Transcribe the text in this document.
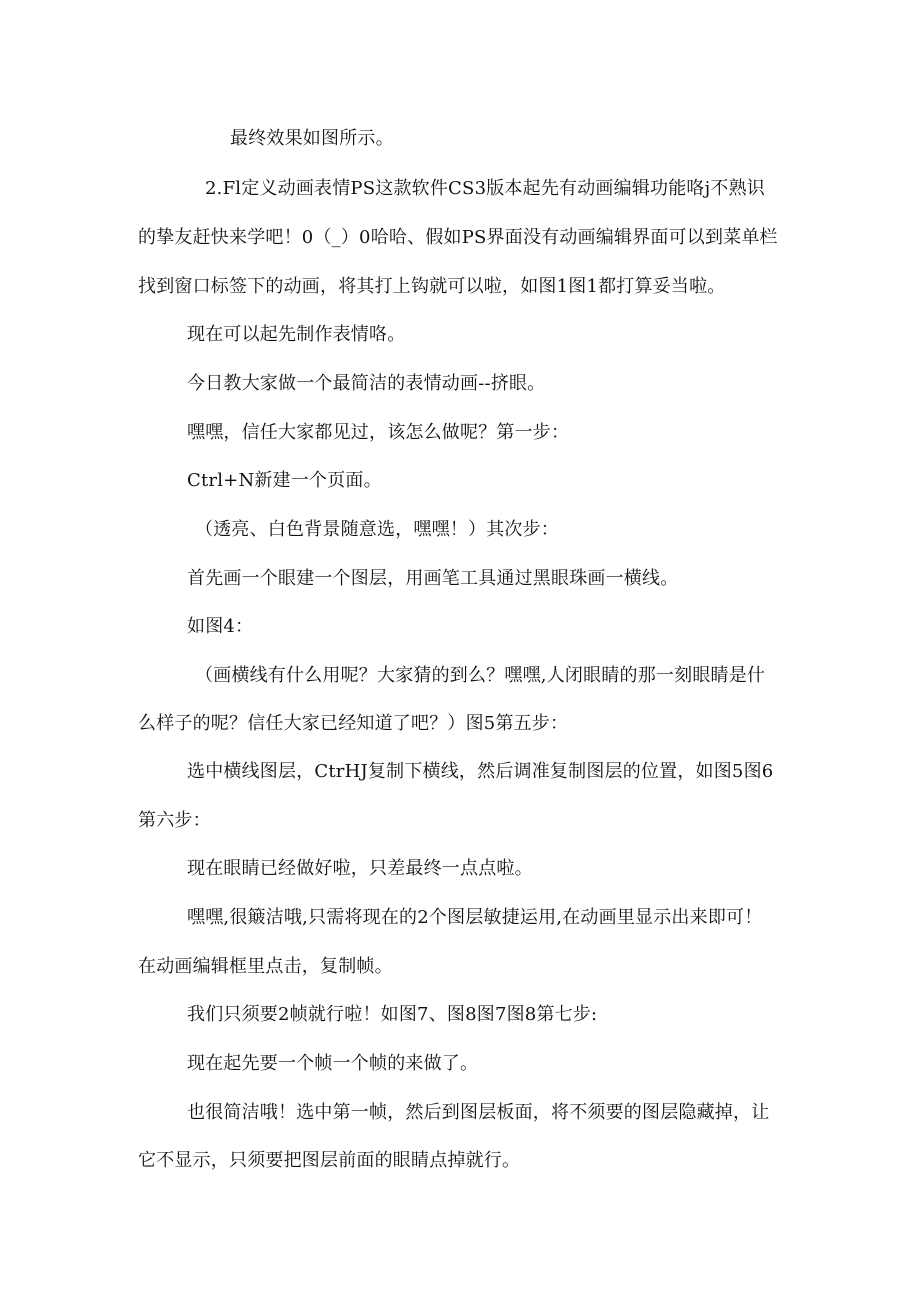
最终效果如图所示。

2.Fl定义动画表情PS这款软件CS3版本起先有动画编辑功能咯j不熟识

的挚友赶快来学吧！0（_）0哈哈、假如PS界面没有动画编辑界面可以到菜单栏

找到窗口标签下的动画，将其打上钩就可以啦，如图1图1都打算妥当啦。

现在可以起先制作表情咯。

今日教大家做一个最简洁的表情动画--挤眼。

嘿嘿，信任大家都见过，该怎么做呢？第一步：

Ctrl+N新建一个页面。

（透亮、白色背景随意选，嘿嘿！）其次步：

首先画一个眼建一个图层，用画笔工具通过黑眼珠画一横线。

如图4：

（画横线有什么用呢？大家猜的到么？嘿嘿,人闭眼睛的那一刻眼睛是什

么样子的呢？信任大家已经知道了吧？）图5第五步：

选中横线图层，CtrHJ复制下横线，然后调准复制图层的位置，如图5图6

第六步：

现在眼睛已经做好啦，只差最终一点点啦。

嘿嘿,很簸洁哦,只需将现在的2个图层敏捷运用,在动画里显示出来即可！

在动画编辑框里点击，复制帧。

我们只须要2帧就行啦！如图7、图8图7图8第七步:

现在起先要一个帧一个帧的来做了。

也很简洁哦！选中第一帧，然后到图层板面，将不须要的图层隐藏掉，让

它不显示，只须要把图层前面的眼睛点掉就行。
